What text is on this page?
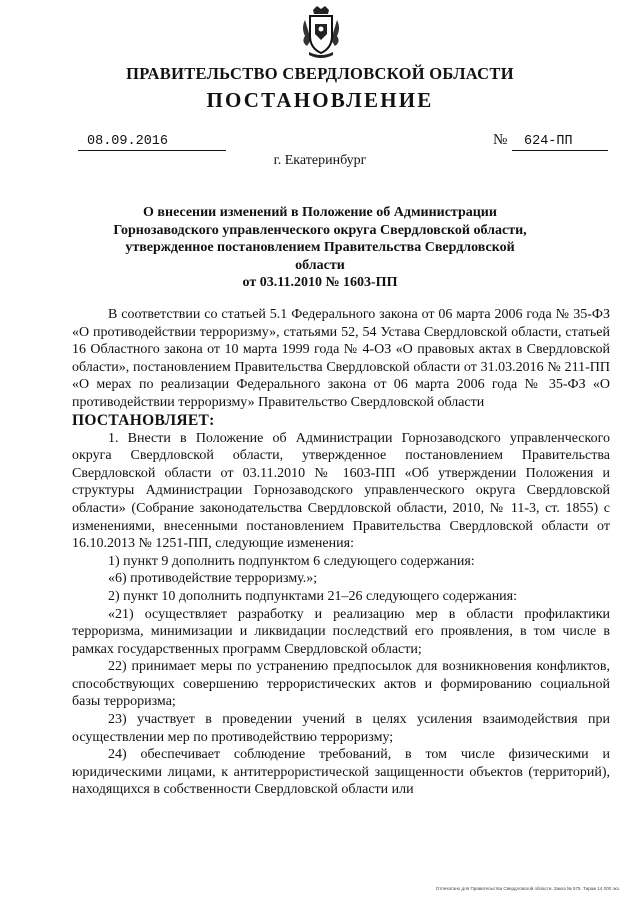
ПРАВИТЕЛЬСТВО СВЕРДЛОВСКОЙ ОБЛАСТИ
ПОСТАНОВЛЕНИЕ
08.09.2016	№	624-ПП
г. Екатеринбург
О внесении изменений в Положение об Администрации
Горнозаводского управленческого округа Свердловской области,
утвержденное постановлением Правительства Свердловской области
от 03.11.2010 № 1603-ПП

В соответствии со статьей 5.1 Федерального закона от 06 марта 2006 года № 35-ФЗ «О противодействии терроризму», статьями 52, 54 Устава Свердловской области, статьей 16 Областного закона от 10 марта 1999 года № 4-ОЗ «О правовых актах в Свердловской области», постановлением Правительства Свердловской области от 31.03.2016 № 211-ПП «О мерах по реализации Федерального закона от 06 марта 2006 года № 35-ФЗ «О противодействии терроризму» Правительство Свердловской области

ПОСТАНОВЛЯЕТ:

1. Внести в Положение об Администрации Горнозаводского управленческого округа Свердловской области, утвержденное постановлением Правительства Свердловской области от 03.11.2010 № 1603-ПП «Об утверждении Положения и структуры Администрации Горнозаводского управленческого округа Свердловской области» (Собрание законодательства Свердловской области, 2010, № 11-3, ст. 1855) с изменениями, внесенными постановлением Правительства Свердловской области от 16.10.2013 № 1251-ПП, следующие изменения:

1) пункт 9 дополнить подпунктом 6 следующего содержания:

«6) противодействие терроризму.»;

2) пункт 10 дополнить подпунктами 21–26 следующего содержания:

«21) осуществляет разработку и реализацию мер в области профилактики терроризма, минимизации и ликвидации последствий его проявления, в том числе в рамках государственных программ Свердловской области;

22) принимает меры по устранению предпосылок для возникновения конфликтов, способствующих совершению террористических актов и формированию социальной базы терроризма;

23) участвует в проведении учений в целях усиления взаимодействия при осуществлении мер по противодействию терроризму;

24) обеспечивает соблюдение требований, в том числе физическими и юридическими лицами, к антитеррористической защищенности объектов (территорий), находящихся в собственности Свердловской области или

Отпечатано для Правительства Свердловской области. Заказ № 575. Тираж 14 000 экз.
